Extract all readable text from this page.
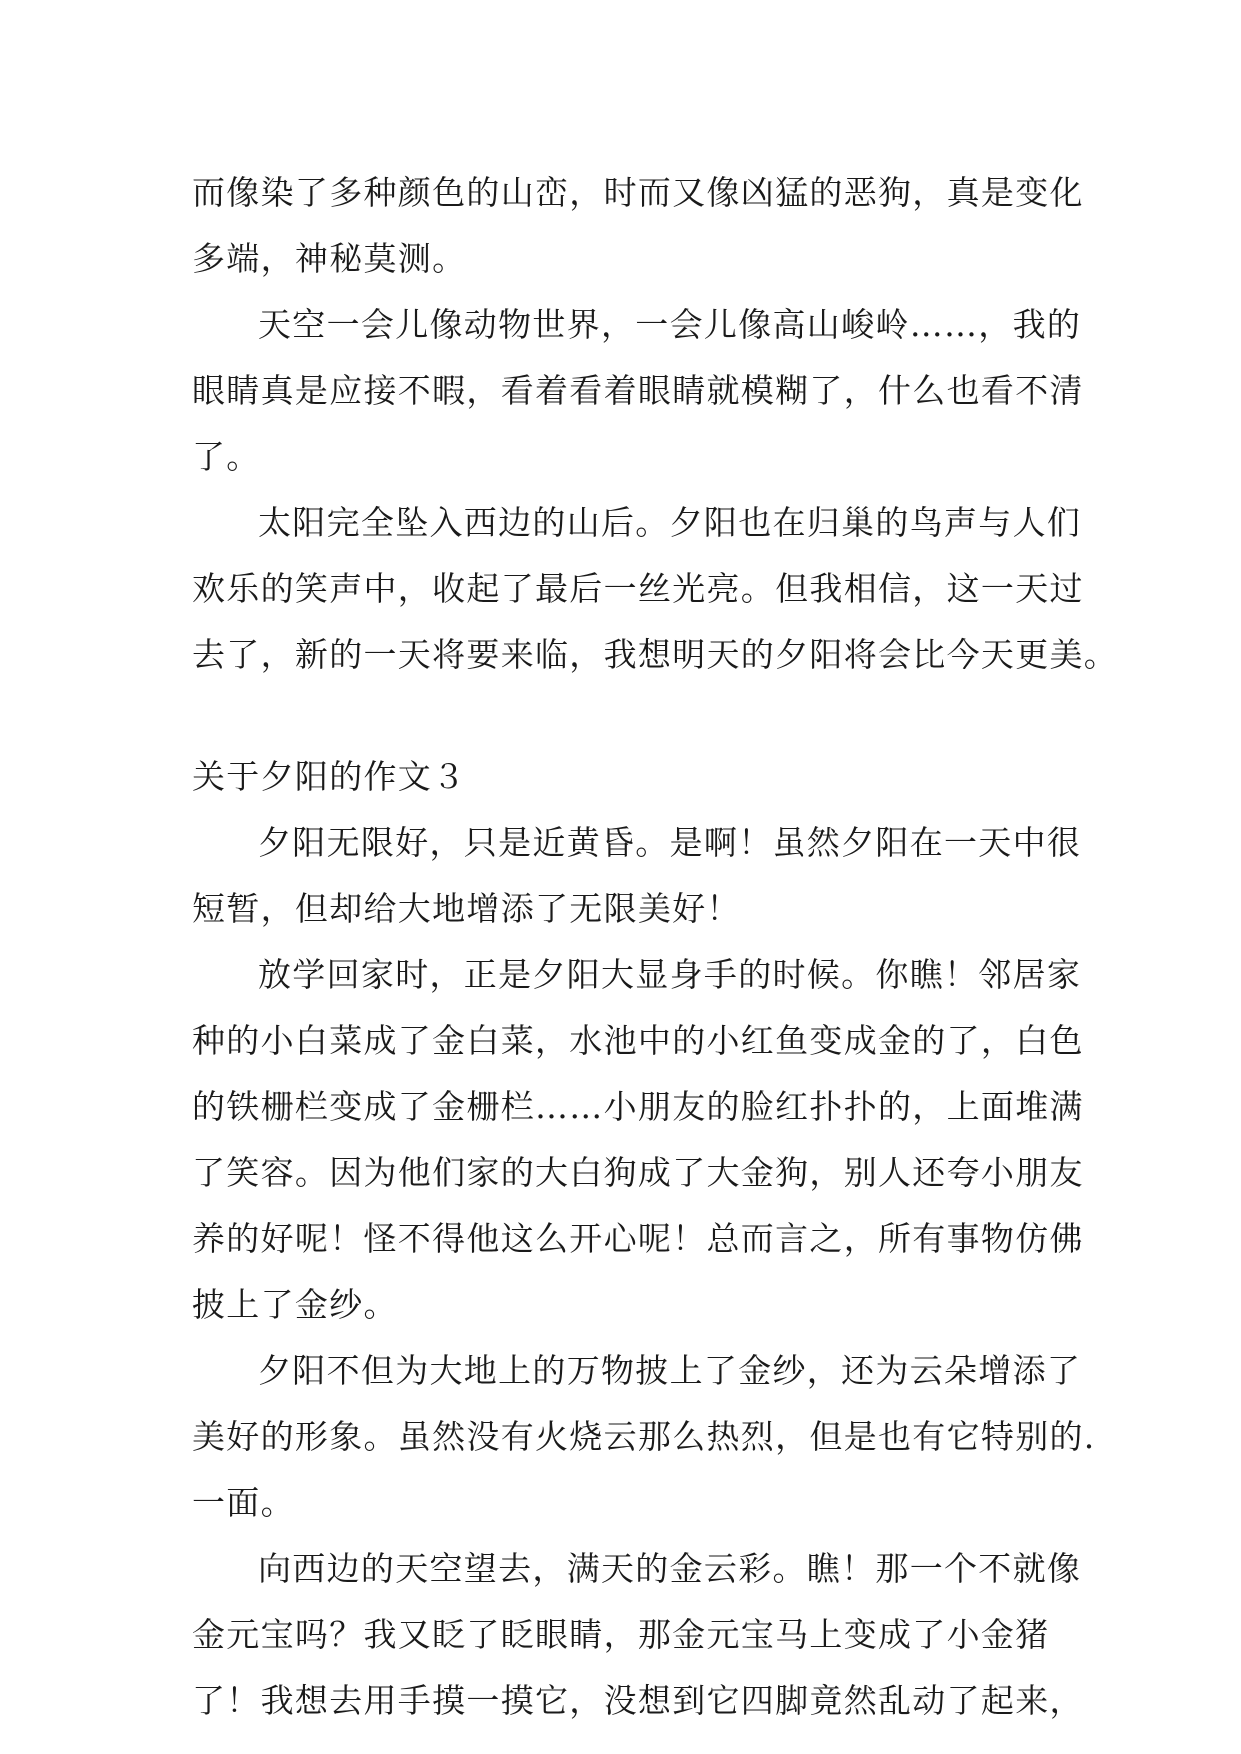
而像染了多种颜色的山峦，时而又像凶猛的恶狗，真是变化
多端，神秘莫测。
天空一会儿像动物世界，一会儿像高山峻岭……，我的
眼睛真是应接不暇，看着看着眼睛就模糊了，什么也看不清
了。
太阳完全坠入西边的山后。夕阳也在归巢的鸟声与人们
欢乐的笑声中，收起了最后一丝光亮。但我相信，这一天过
去了，新的一天将要来临，我想明天的夕阳将会比今天更美。
关于夕阳的作文３
夕阳无限好，只是近黄昏。是啊！虽然夕阳在一天中很
短暂，但却给大地增添了无限美好！
放学回家时，正是夕阳大显身手的时候。你瞧！邻居家
种的小白菜成了金白菜，水池中的小红鱼变成金的了，白色
的铁栅栏变成了金栅栏……小朋友的脸红扑扑的，上面堆满
了笑容。因为他们家的大白狗成了大金狗，别人还夸小朋友
养的好呢！怪不得他这么开心呢！总而言之，所有事物仿佛
披上了金纱。
夕阳不但为大地上的万物披上了金纱，还为云朵增添了
美好的形象。虽然没有火烧云那么热烈，但是也有它特别的.
一面。
向西边的天空望去，满天的金云彩。瞧！那一个不就像
金元宝吗？我又眨了眨眼睛，那金元宝马上变成了小金猪
了！我想去用手摸一摸它，没想到它四脚竟然乱动了起来，
